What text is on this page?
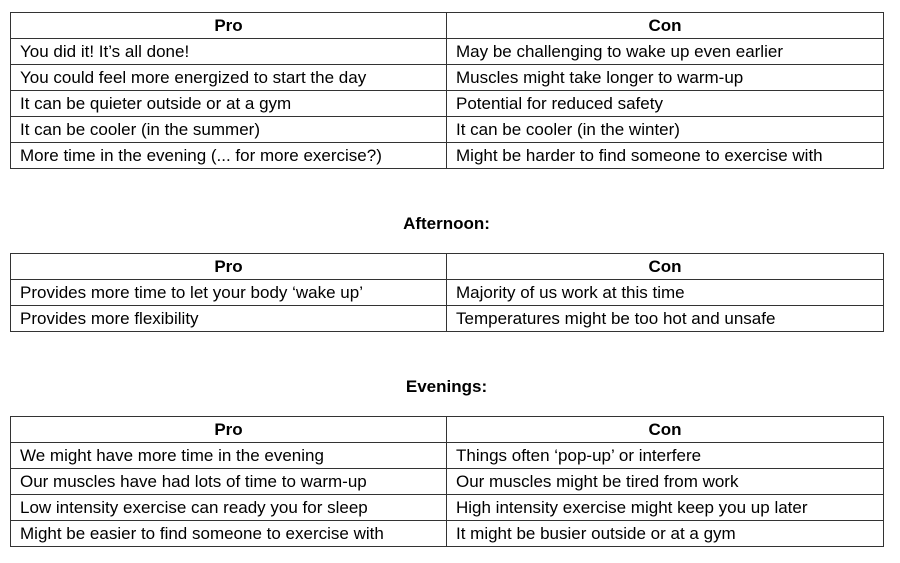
Pro	Con
You did it! It’s all done!	May be challenging to wake up even earlier
You could feel more energized to start the day	Muscles might take longer to warm-up
It can be quieter outside or at a gym	Potential for reduced safety
It can be cooler (in the summer)	It can be cooler (in the winter)
More time in the evening (... for more exercise?)	Might be harder to find someone to exercise with
Afternoon:
Pro	Con
Provides more time to let your body ‘wake up’	Majority of us work at this time
Provides more flexibility	Temperatures might be too hot and unsafe
Evenings:
Pro	Con
We might have more time in the evening	Things often ‘pop-up’ or interfere
Our muscles have had lots of time to warm-up	Our muscles might be tired from work
Low intensity exercise can ready you for sleep	High intensity exercise might keep you up later
Might be easier to find someone to exercise with	It might be busier outside or at a gym
